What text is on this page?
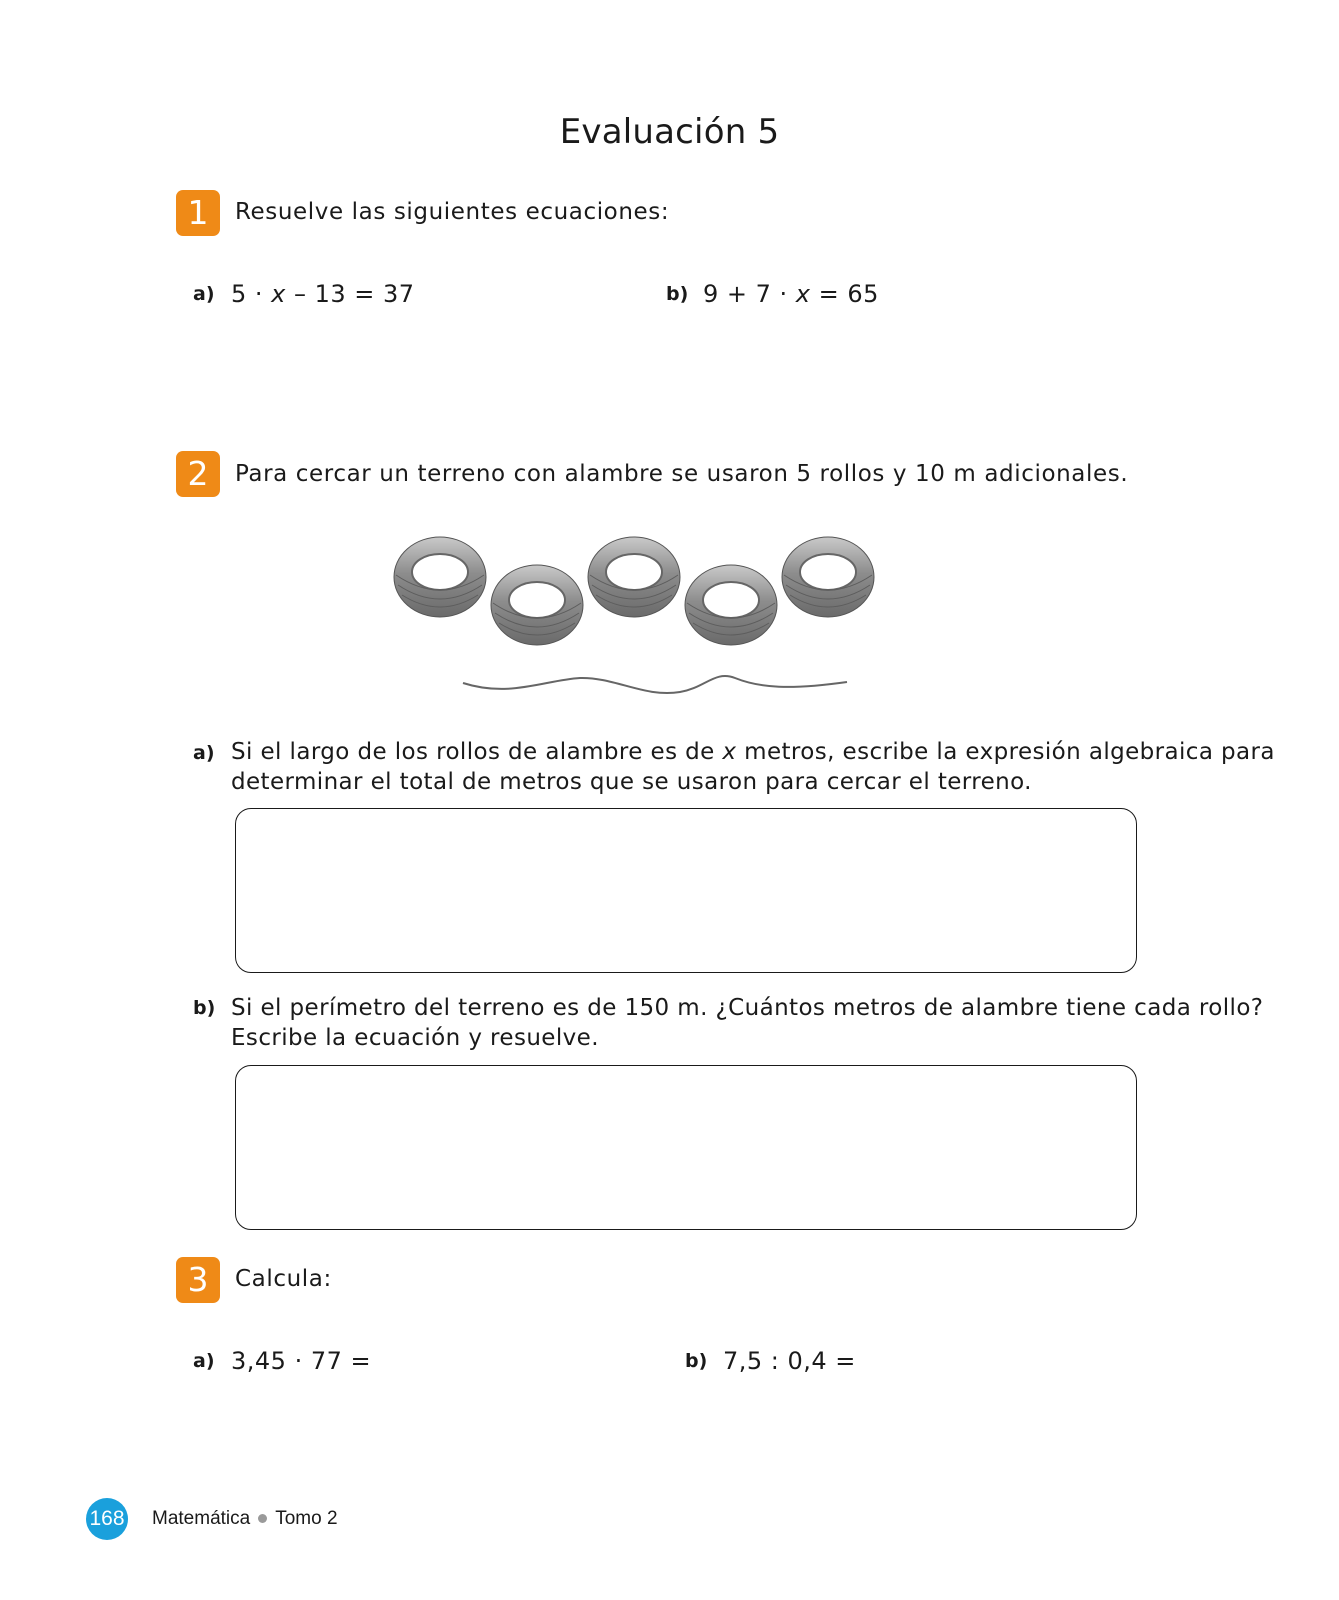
Evaluación 5
1	Resuelve las siguientes ecuaciones:
a) 5 · x – 13 = 37	b) 9 + 7 · x = 65
2	Para cercar un terreno con alambre se usaron 5 rollos y 10 m adicionales.
a) Si el largo de los rollos de alambre es de x metros, escribe la expresión algebraica para
determinar el total de metros que se usaron para cercar el terreno.
b) Si el perímetro del terreno es de 150 m. ¿Cuántos metros de alambre tiene cada rollo?
Escribe la ecuación y resuelve.
3	Calcula:
a) 3,45 · 77 =	b) 7,5 : 0,4 =
168 Matemática Tomo 2
